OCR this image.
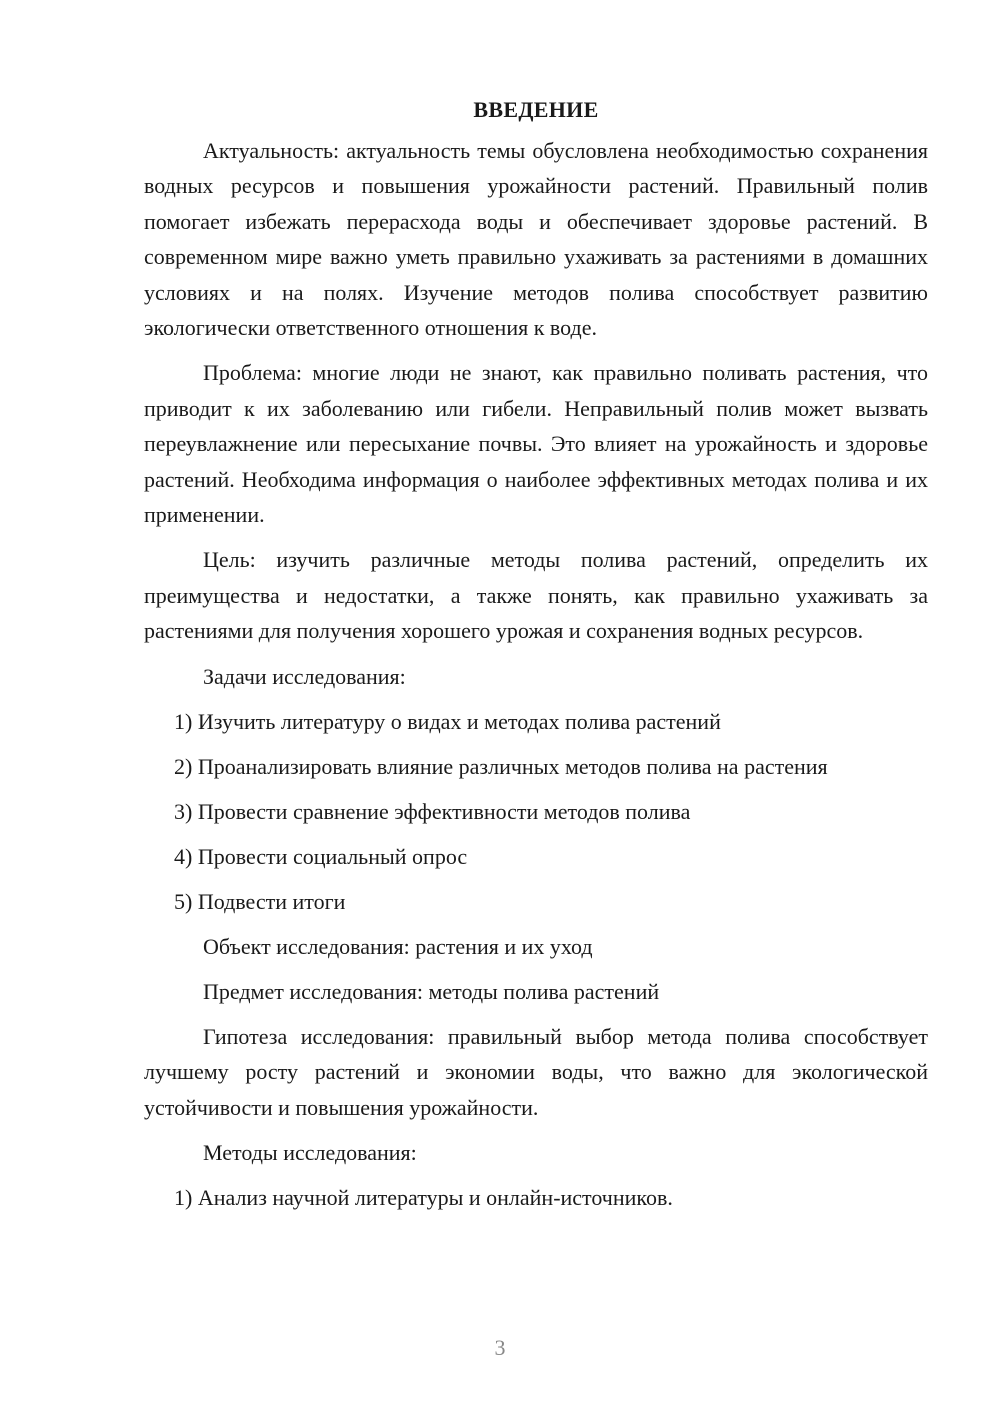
ВВЕДЕНИЕ

Актуальность: актуальность темы обусловлена необходимостью сохранения водных ресурсов и повышения урожайности растений. Правильный полив помогает избежать перерасхода воды и обеспечивает здоровье растений. В современном мире важно уметь правильно ухаживать за растениями в домашних условиях и на полях. Изучение методов полива способствует развитию экологически ответственного отношения к воде.

Проблема: многие люди не знают, как правильно поливать растения, что приводит к их заболеванию или гибели. Неправильный полив может вызвать переувлажнение или пересыхание почвы. Это влияет на урожайность и здоровье растений. Необходима информация о наиболее эффективных методах полива и их применении.

Цель: изучить различные методы полива растений, определить их преимущества и недостатки, а также понять, как правильно ухаживать за растениями для получения хорошего урожая и сохранения водных ресурсов.

Задачи исследования:
1) Изучить литературу о видах и методах полива растений
2) Проанализировать влияние различных методов полива на растения
3) Провести сравнение эффективности методов полива
4) Провести социальный опрос
5) Подвести итоги
Объект исследования: растения и их уход
Предмет исследования: методы полива растений

Гипотеза исследования: правильный выбор метода полива способствует лучшему росту растений и экономии воды, что важно для экологической устойчивости и повышения урожайности.

Методы исследования:
1) Анализ научной литературы и онлайн-источников.
3
